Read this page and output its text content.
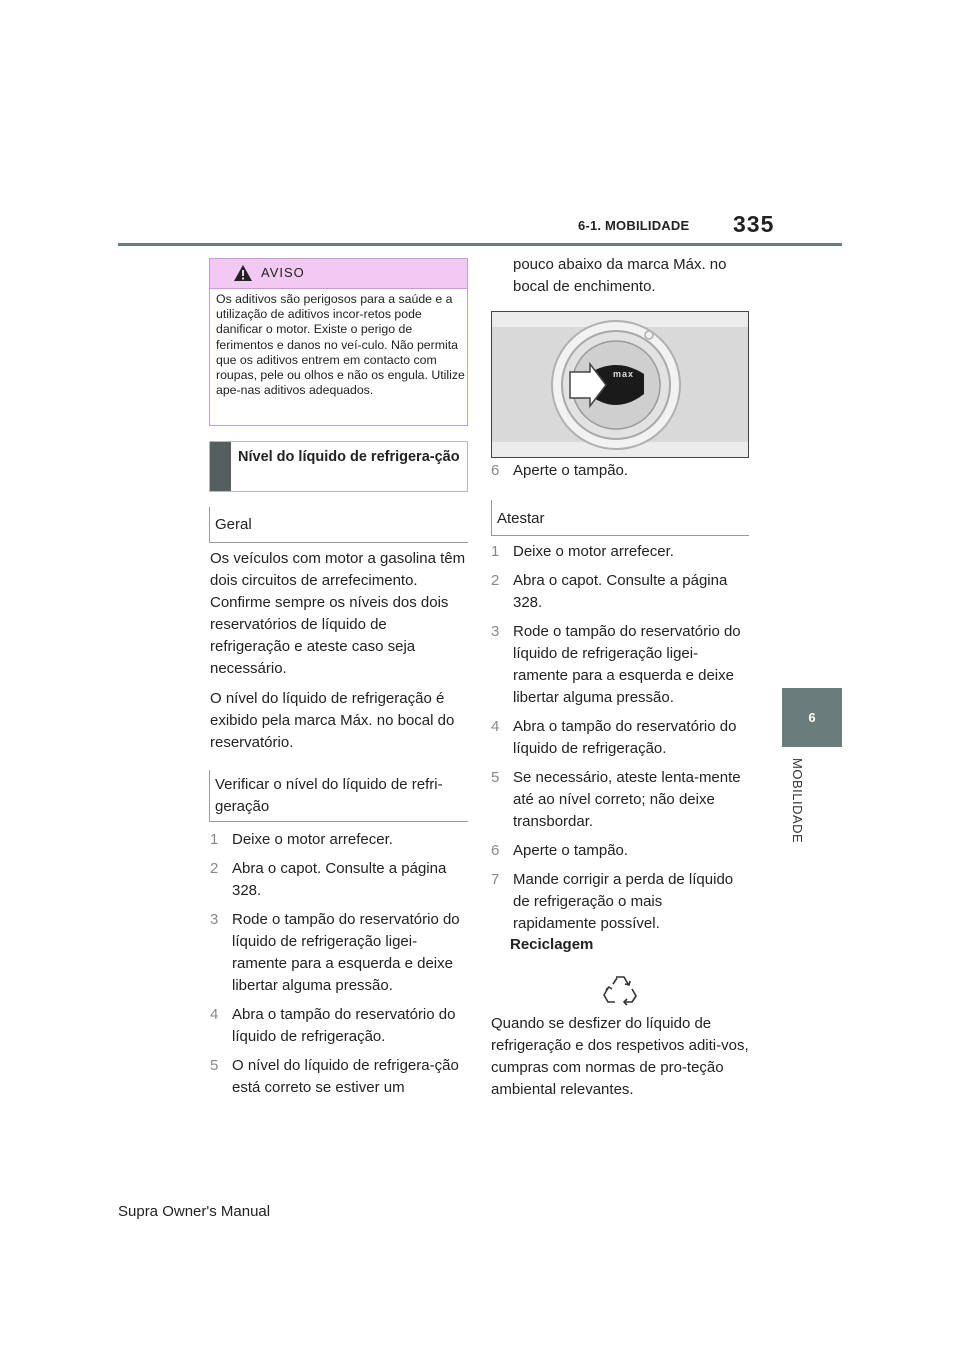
6-1. MOBILIDADE 335
6
MOBILIDADE
AVISO

Os aditivos são perigosos para a saúde e a utilização de aditivos incor-retos pode danificar o motor. Existe o perigo de ferimentos e danos no veí-culo. Não permita que os aditivos entrem em contacto com roupas, pele ou olhos e não os engula. Utilize ape-nas aditivos adequados.

Nível do líquido de refrigera-ção

Geral

Os veículos com motor a gasolina têm dois circuitos de arrefecimento. Confirme sempre os níveis dos dois reservatórios de líquido de refrigeração e ateste caso seja necessário.

O nível do líquido de refrigeração é exibido pela marca Máx. no bocal do reservatório.

Verificar o nível do líquido de refri-geração
1 Deixe o motor arrefecer.
2 Abra o capot. Consulte a página 328.
3 Rode o tampão do reservatório do líquido de refrigeração ligei-ramente para a esquerda e deixe libertar alguma pressão.
4 Abra o tampão do reservatório do líquido de refrigeração.
5 O nível do líquido de refrigera-ção está correto se estiver um

pouco abaixo da marca Máx. no bocal de enchimento.

max
6 Aperte o tampão.
Atestar
1 Deixe o motor arrefecer.
2 Abra o capot. Consulte a página 328.
3 Rode o tampão do reservatório do líquido de refrigeração ligei-ramente para a esquerda e deixe libertar alguma pressão.
4 Abra o tampão do reservatório do líquido de refrigeração.
5 Se necessário, ateste lenta-mente até ao nível correto; não deixe transbordar.
6 Aperte o tampão.
7 Mande corrigir a perda de líquido de refrigeração o mais rapidamente possível.
Reciclagem

Quando se desfizer do líquido de refrigeração e dos respetivos aditi-vos, cumpras com normas de pro-teção ambiental relevantes.

Supra Owner's Manual
